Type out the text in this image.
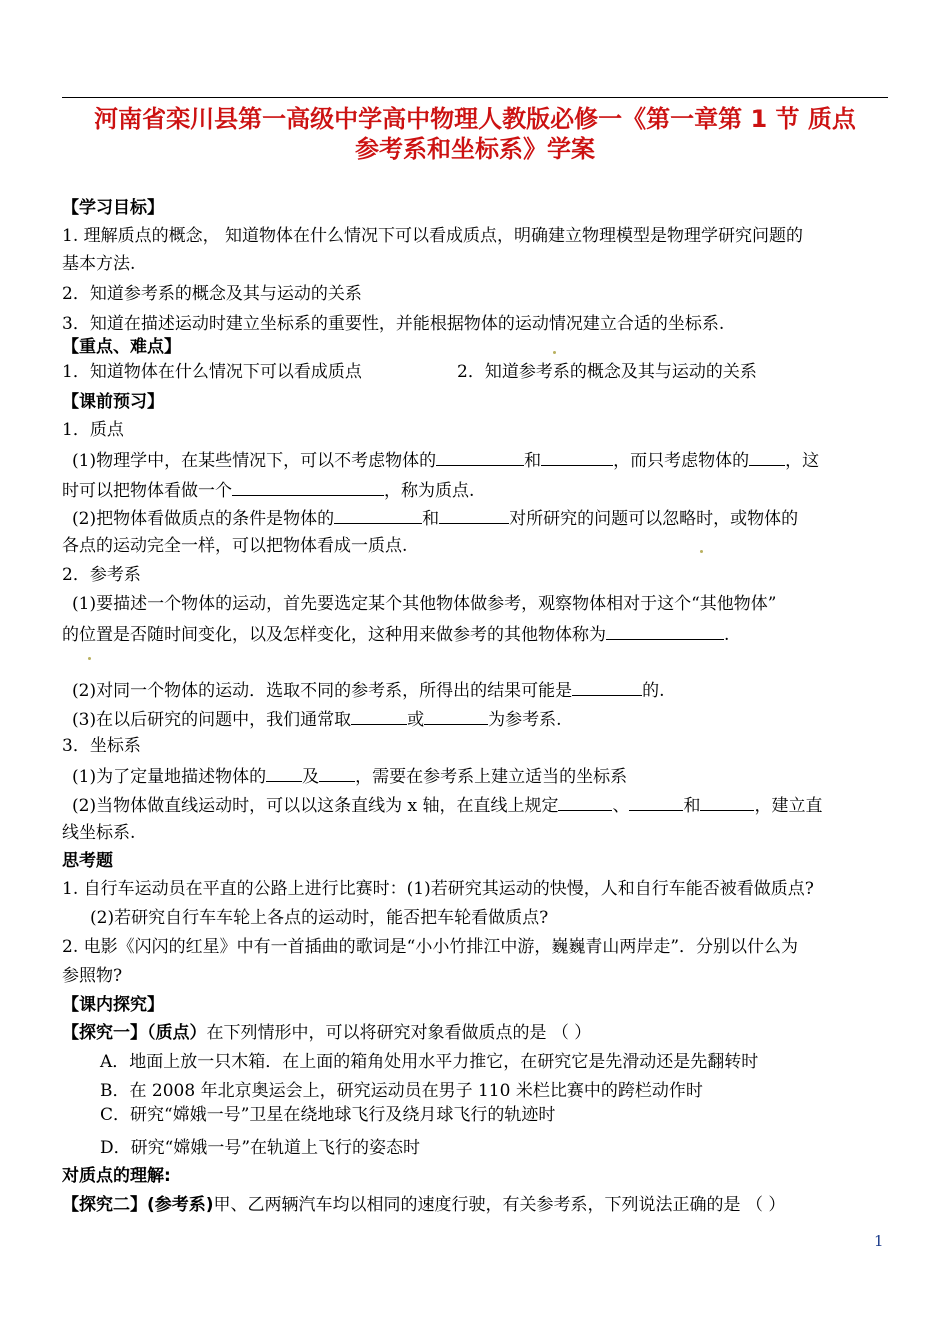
河南省栾川县第一高级中学高中物理人教版必修一《第一章第 1 节 质点
参考系和坐标系》学案
【学习目标】
1. 理解质点的概念， 知道物体在什么情况下可以看成质点，明确建立物理模型是物理学研究问题的
基本方法.
2．知道参考系的概念及其与运动的关系
3．知道在描述运动时建立坐标系的重要性，并能根据物体的运动情况建立合适的坐标系.
【重点、难点】
1．知道物体在什么情况下可以看成质点	2．知道参考系的概念及其与运动的关系
【课前预习】
1．质点
(1)物理学中，在某些情况下，可以不考虑物体的	和	，而只考虑物体的 ，这
时可以把物体看做一个	，称为质点.
(2)把物体看做质点的条件是物体的	和	对所研究的问题可以忽略时，或物体的
各点的运动完全一样，可以把物体看成一质点.
2．参考系
(1)要描述一个物体的运动，首先要选定某个其他物体做参考，观察物体相对于这个“其他物体”
的位置是否随时间变化，以及怎样变化，这种用来做参考的其他物体称为	.
(2)对同一个物体的运动．选取不同的参考系，所得出的结果可能是	的.
(3)在以后研究的问题中，我们通常取	或	为参考系.
3．坐标系
(1)为了定量地描述物体的 及 ，需要在参考系上建立适当的坐标系
(2)当物体做直线运动时，可以以这条直线为 x 轴，在直线上规定	、	和	，建立直
线坐标系.
思考题
1. 自行车运动员在平直的公路上进行比赛时：(1)若研究其运动的快慢，人和自行车能否被看做质点?
(2)若研究自行车车轮上各点的运动时，能否把车轮看做质点?
2. 电影《闪闪的红星》中有一首插曲的歌词是“小小竹排江中游，巍巍青山两岸走”．分别以什么为
参照物?
【课内探究】
【探究一】（质点）在下列情形中，可以将研究对象看做质点的是 （ ）
A．地面上放一只木箱．在上面的箱角处用水平力推它，在研究它是先滑动还是先翻转时
B．在 2008 年北京奥运会上，研究运动员在男子 110 米栏比赛中的跨栏动作时
C．研究“嫦娥一号”卫星在绕地球飞行及绕月球飞行的轨迹时
D．研究“嫦娥一号”在轨道上飞行的姿态时
对质点的理解:
【探究二】(参考系)甲、乙两辆汽车均以相同的速度行驶，有关参考系，下列说法正确的是 （ ）
1
